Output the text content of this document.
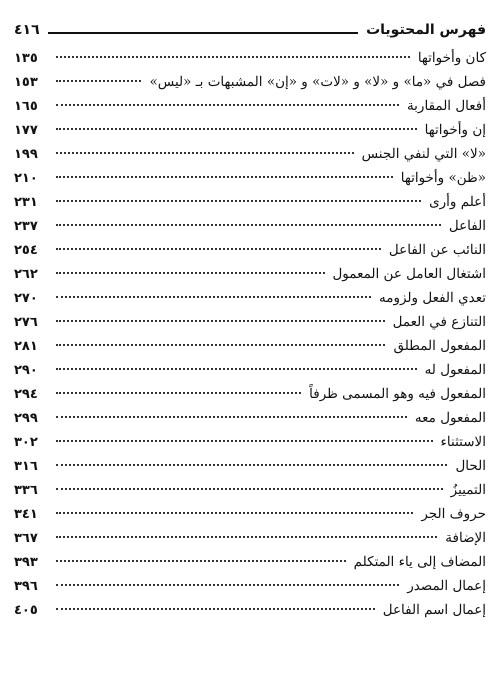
فهرس المحتويات
٤١٦
كان وأخواتها
١٣٥
فصل في «ما» و «لا» و «لات» و «إن» المشبهات بـ «ليس»
١٥٣
أفعال المقاربة
١٦٥
إن وأخواتها
١٧٧
«لا» التي لنفي الجنس
١٩٩
«ظن» وأخواتها
٢١٠
أعلم وأرى
٢٣١
الفاعل
٢٣٧
النائب عن الفاعل
٢٥٤
اشتغال العامل عن المعمول
٢٦٢
تعدي الفعل ولزومه
٢٧٠
التنازع في العمل
٢٧٦
المفعول المطلق
٢٨١
المفعول له
٢٩٠
المفعول فيه وهو المسمى ظرفاً
٢٩٤
المفعول معه
٢٩٩
الاستثناء
٣٠٢
الحال
٣١٦
التمييزُ
٣٣٦
حروف الجر
٣٤١
الإضافة
٣٦٧
المضاف إلى ياء المتكلم
٣٩٣
إعمال المصدر
٣٩٦
إعمال اسم الفاعل
٤٠٥
